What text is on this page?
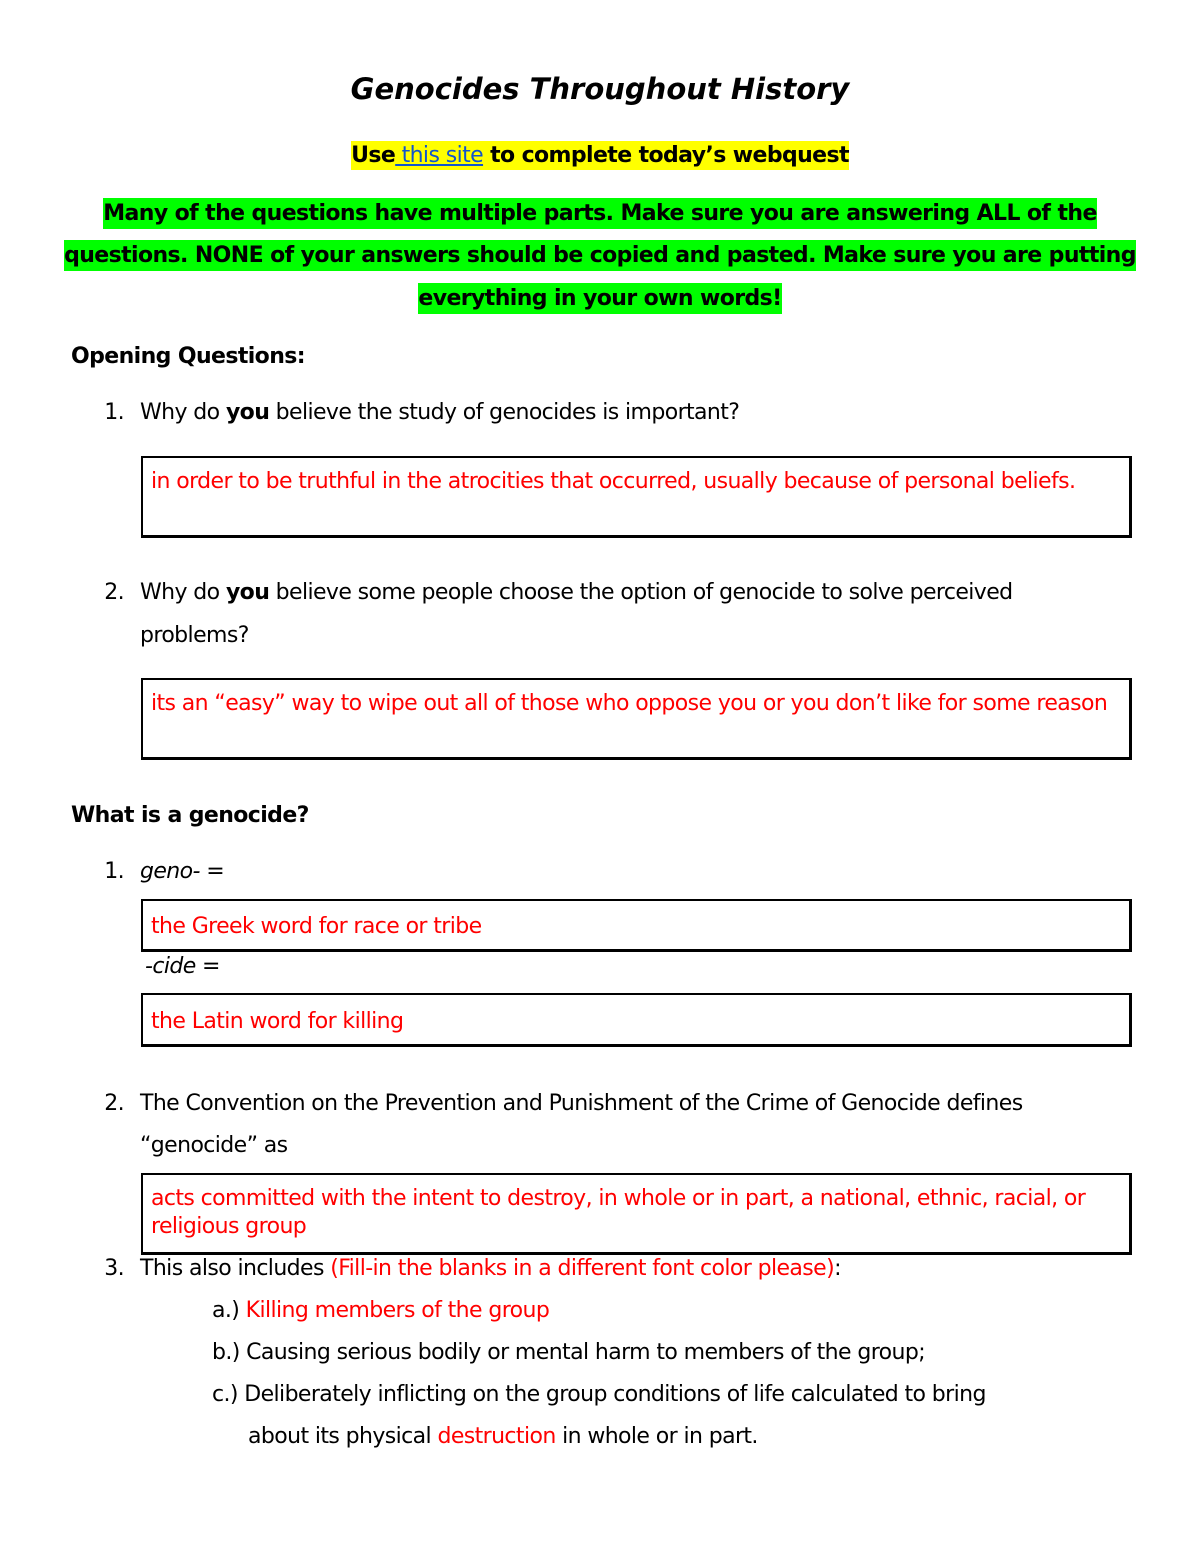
Genocides Throughout History
Use this site to complete today’s webquest
Many of the questions have multiple parts. Make sure you are answering ALL of the
questions. NONE of your answers should be copied and pasted. Make sure you are putting
everything in your own words!
Opening Questions:
1. Why do you believe the study of genocides is important?
in order to be truthful in the atrocities that occurred, usually because of personal beliefs.
2. Why do you believe some people choose the option of genocide to solve perceived
problems?
its an “easy” way to wipe out all of those who oppose you or you don’t like for some reason
What is a genocide?
1. geno- =
the Greek word for race or tribe
-cide =
the Latin word for killing
2. The Convention on the Prevention and Punishment of the Crime of Genocide defines
“genocide” as
acts committed with the intent to destroy, in whole or in part, a national, ethnic, racial, or religious group
3. This also includes (Fill-in the blanks in a different font color please):
a.) Killing members of the group
b.) Causing serious bodily or mental harm to members of the group;
c.) Deliberately inflicting on the group conditions of life calculated to bring
about its physical destruction in whole or in part.
